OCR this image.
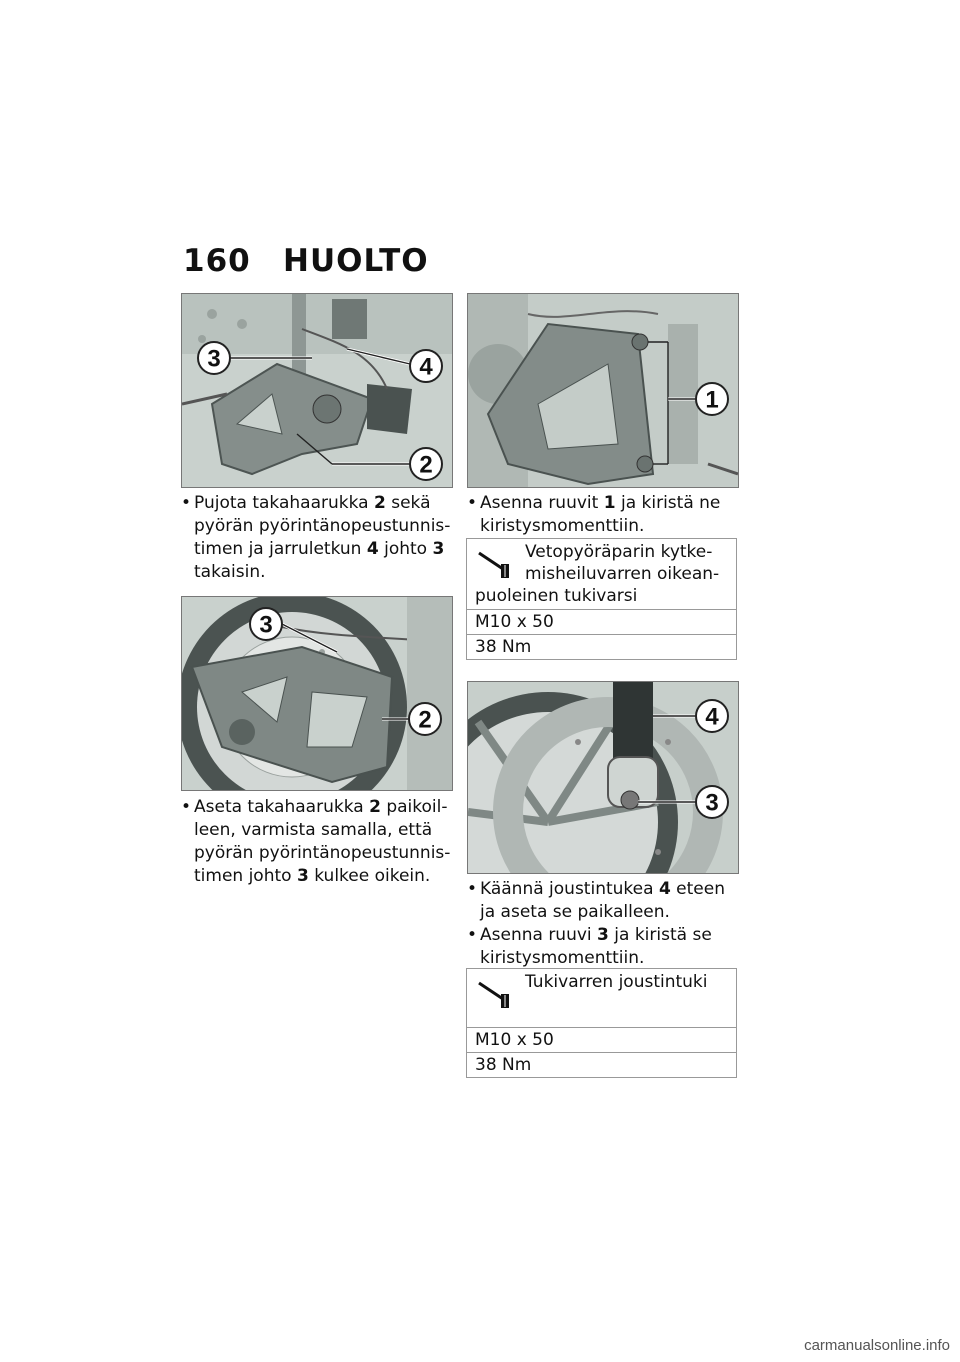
160 HUOLTO
3	4
2
• Pujota takahaarukka 2 sekä pyörän pyörintänopeustunnis-timen ja jarruletkun 4 johto 3 takaisin.
3
2
• Aseta takahaarukka 2 paikoil-leen, varmista samalla, että pyörän pyörintänopeustunnis-timen johto 3 kulkee oikein.
1
• Asenna ruuvit 1 ja kiristä ne kiristysmomenttiin.
Vetopyöräparin kytke-
misheiluvarren oikean-
puoleinen tukivarsi
M10 x 50
38 Nm
4
3
• Käännä joustintukea 4 eteen ja aseta se paikalleen.
• Asenna ruuvi 3 ja kiristä se kiristysmomenttiin.
Tukivarren joustintuki
M10 x 50
38 Nm
carmanualsonline.info
